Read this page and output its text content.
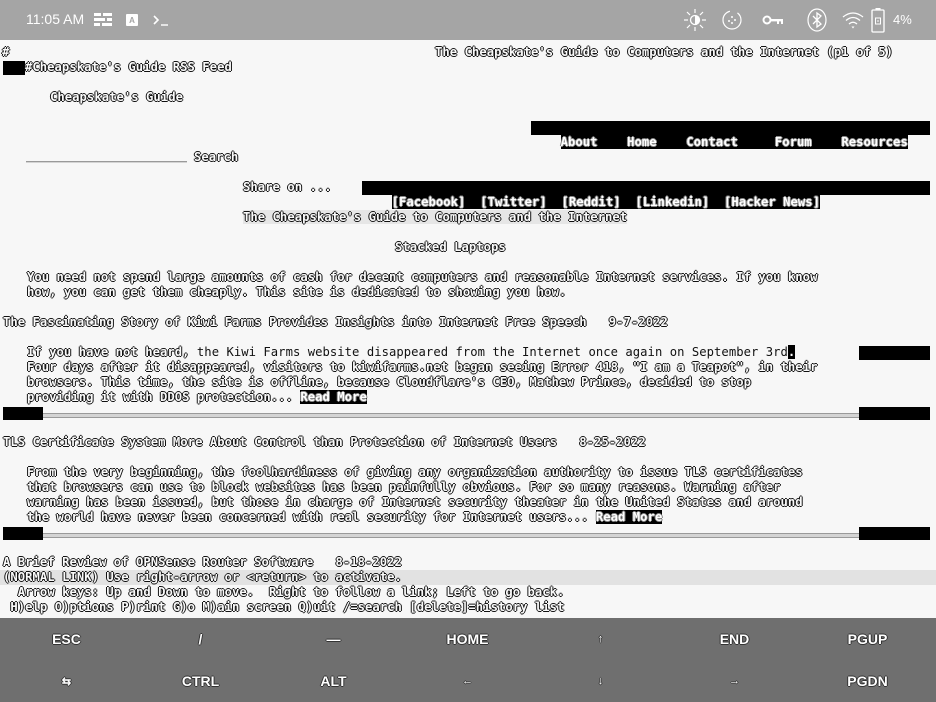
11:05 AM	A	4%
#	The Cheapskate's Guide to Computers and the Internet (p1 of 5)
#Cheapskate's Guide RSS Feed
Cheapskate's Guide

About Home Contact	Forum Resources

Search
Share on ...

[Facebook] [Twitter] [Reddit] [Linkedin] [Hacker News]

The Cheapskate's Guide to Computers and the Internet
Stacked Laptops
You need not spend large amounts of cash for decent computers and reasonable Internet services. If you know
how, you can get them cheaply. This site is dedicated to showing you how.
The Fascinating Story of Kiwi Farms Provides Insights into Internet Free Speech 9-7-2022
If you have not heard, the Kiwi Farms website disappeared from the Internet once again on September 3rd.
Four days after it disappeared, visitors to kiwifarms.net began seeing Error 418, "I am a Teapot", in their
browsers. This time, the site is offline, because Cloudflare's CEO, Mathew Prince, decided to stop
providing it with DDOS protection... Read More
TLS Certificate System More About Control than Protection of Internet Users 8-25-2022
From the very beginning, the foolhardiness of giving any organization authority to issue TLS certificates
that browsers can use to block websites has been painfully obvious. For so many reasons. Warning after
warning has been issued, but those in charge of Internet security theater in the United States and around
the world have never been concerned with real security for Internet users... Read More
A Brief Review of OPNSense Router Software 8-18-2022
(NORMAL LINK) Use right-arrow or <return> to activate.
Arrow keys: Up and Down to move.  Right to follow a link; Left to go back.
H)elp O)ptions P)rint G)o M)ain screen Q)uit /=search [delete]=history list
ESC	/	—	HOME	↑	END	PGUP
⇆	CTRL	ALT	←	↓	→	PGDN
